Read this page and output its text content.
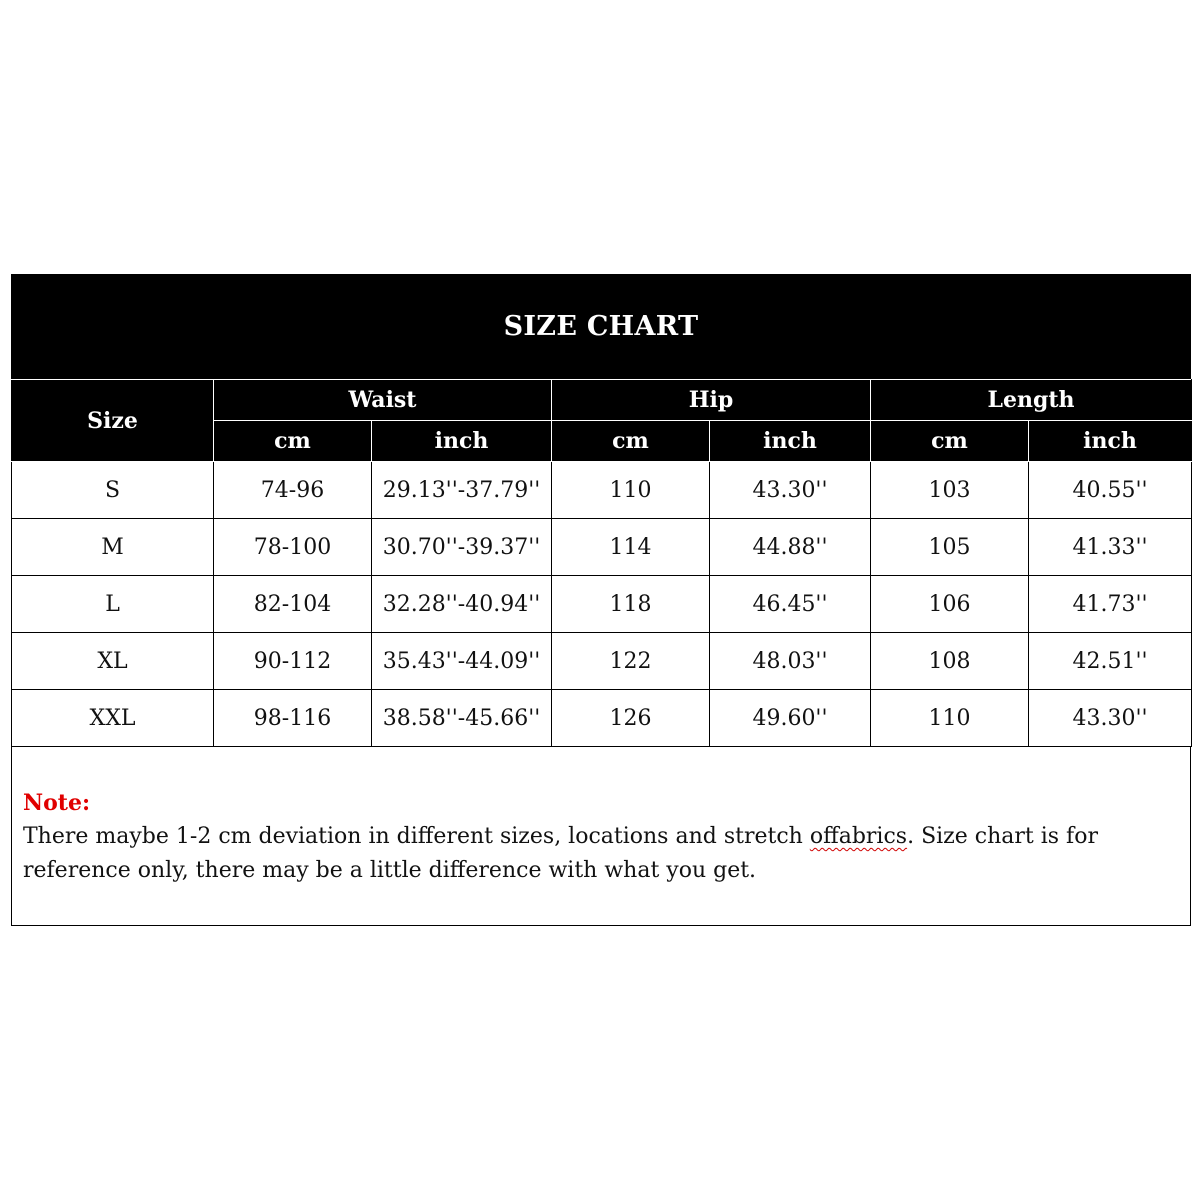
SIZE CHART
Size	Waist		Hip		Length	
	cm	inch	cm	inch	cm	inch
S	74-96	29.13''-37.79''	110	43.30''	103	40.55''
M	78-100	30.70''-39.37''	114	44.88''	105	41.33''
L	82-104	32.28''-40.94''	118	46.45''	106	41.73''
XL	90-112	35.43''-44.09''	122	48.03''	108	42.51''
XXL	98-116	38.58''-45.66''	126	49.60''	110	43.30''
Note:
There maybe 1-2 cm deviation in different sizes, locations and stretch offabrics. Size chart is for reference only, there may be a little difference with what you get.
